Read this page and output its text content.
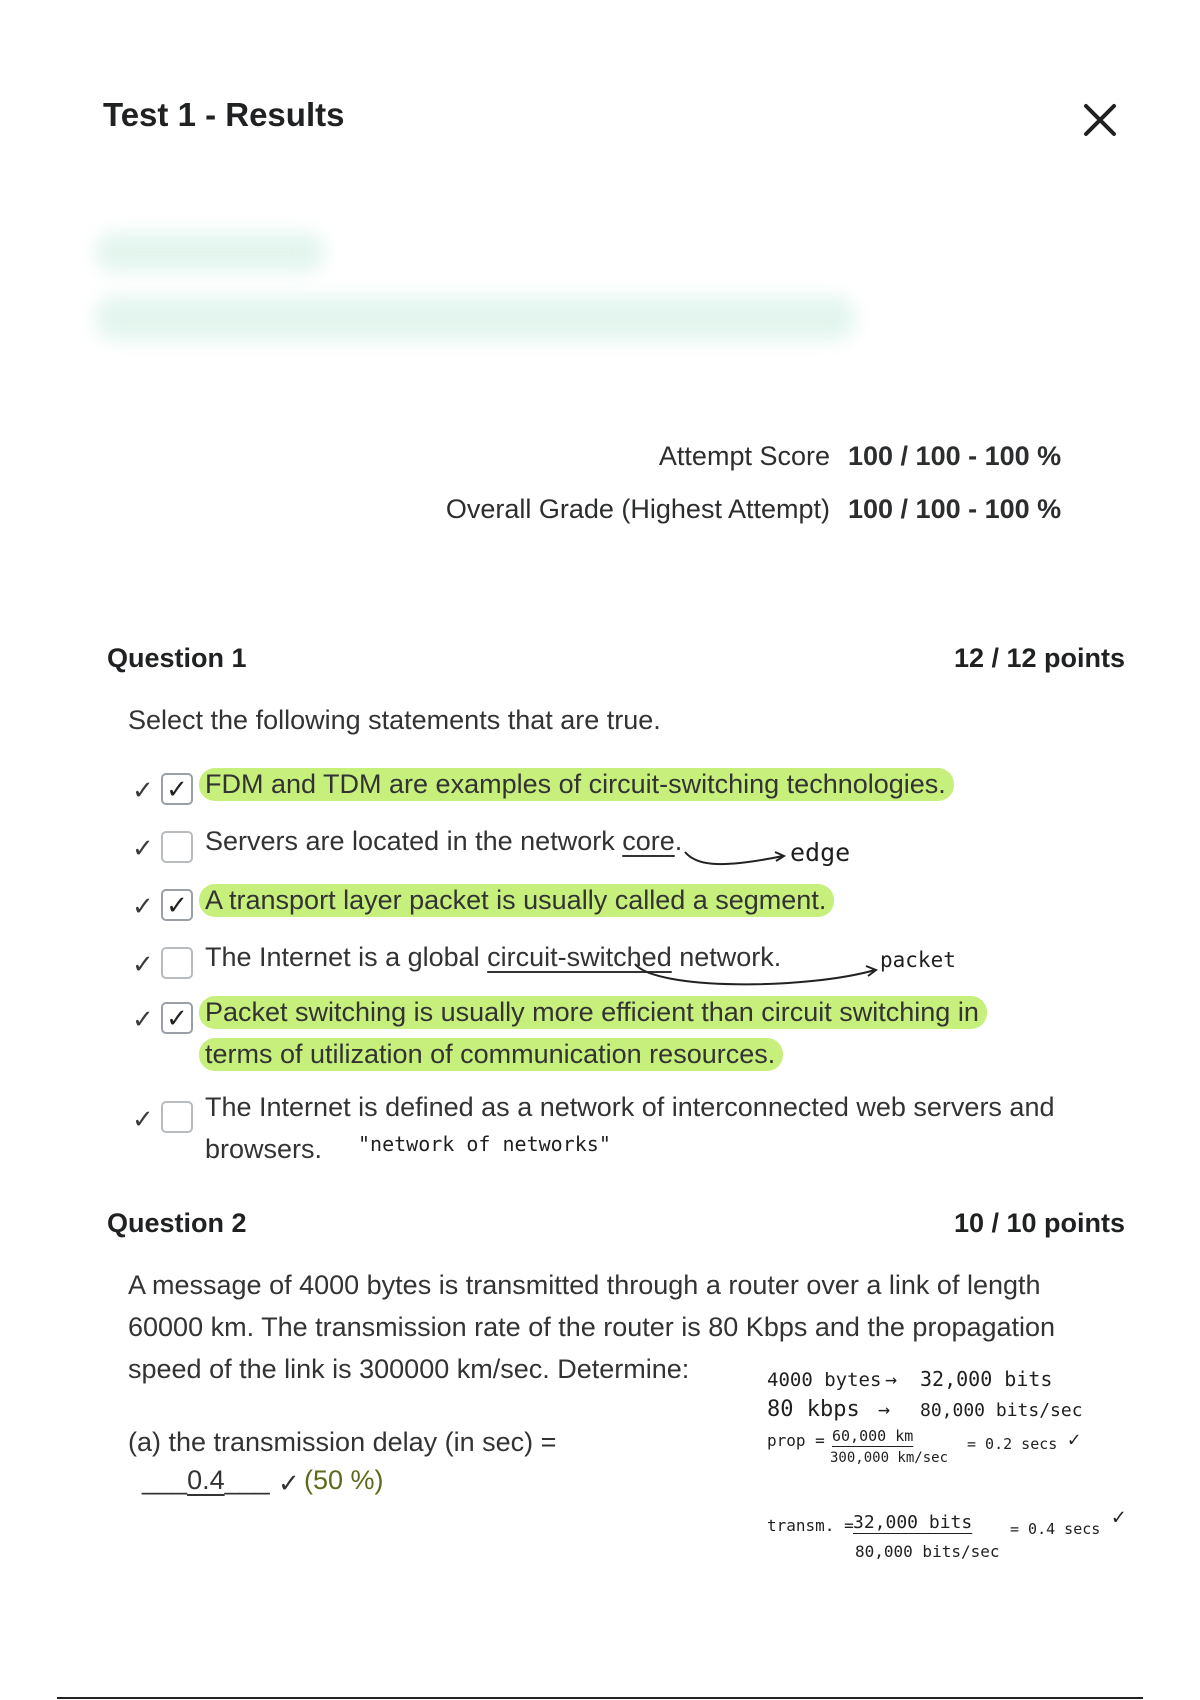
Test 1 - Results
Attempt Score 100 / 100 - 100 %
Overall Grade (Highest Attempt) 100 / 100 - 100 %
Question 1	12 / 12 points
Select the following statements that are true.
✓ ✓ FDM and TDM are examples of circuit-switching technologies.
✓ Servers are located in the network core.	edge
✓ ✓ A transport layer packet is usually called a segment.
✓ The Internet is a global circuit-switched network.	packet
✓ ✓ Packet switching is usually more efficient than circuit switching in
terms of utilization of communication resources.
✓ The Internet is defined as a network of interconnected web servers and
browsers.	"network of networks"
Question 2	10 / 10 points
A message of 4000 bytes is transmitted through a router over a link of length
60000 km. The transmission rate of the router is 80 Kbps and the propagation
speed of the link is 300000 km/sec. Determine:
(a) the transmission delay (in sec) =
___0.4___ ✓ (50 %)
4000 bytes → 32,000 bits
80 kbps → 80,000 bits/sec
prop = 60,000 km
300,000 km/sec
= 0.2 secs ✓
transm. = 32,000 bits
80,000 bits/sec
= 0.4 secs ✓
